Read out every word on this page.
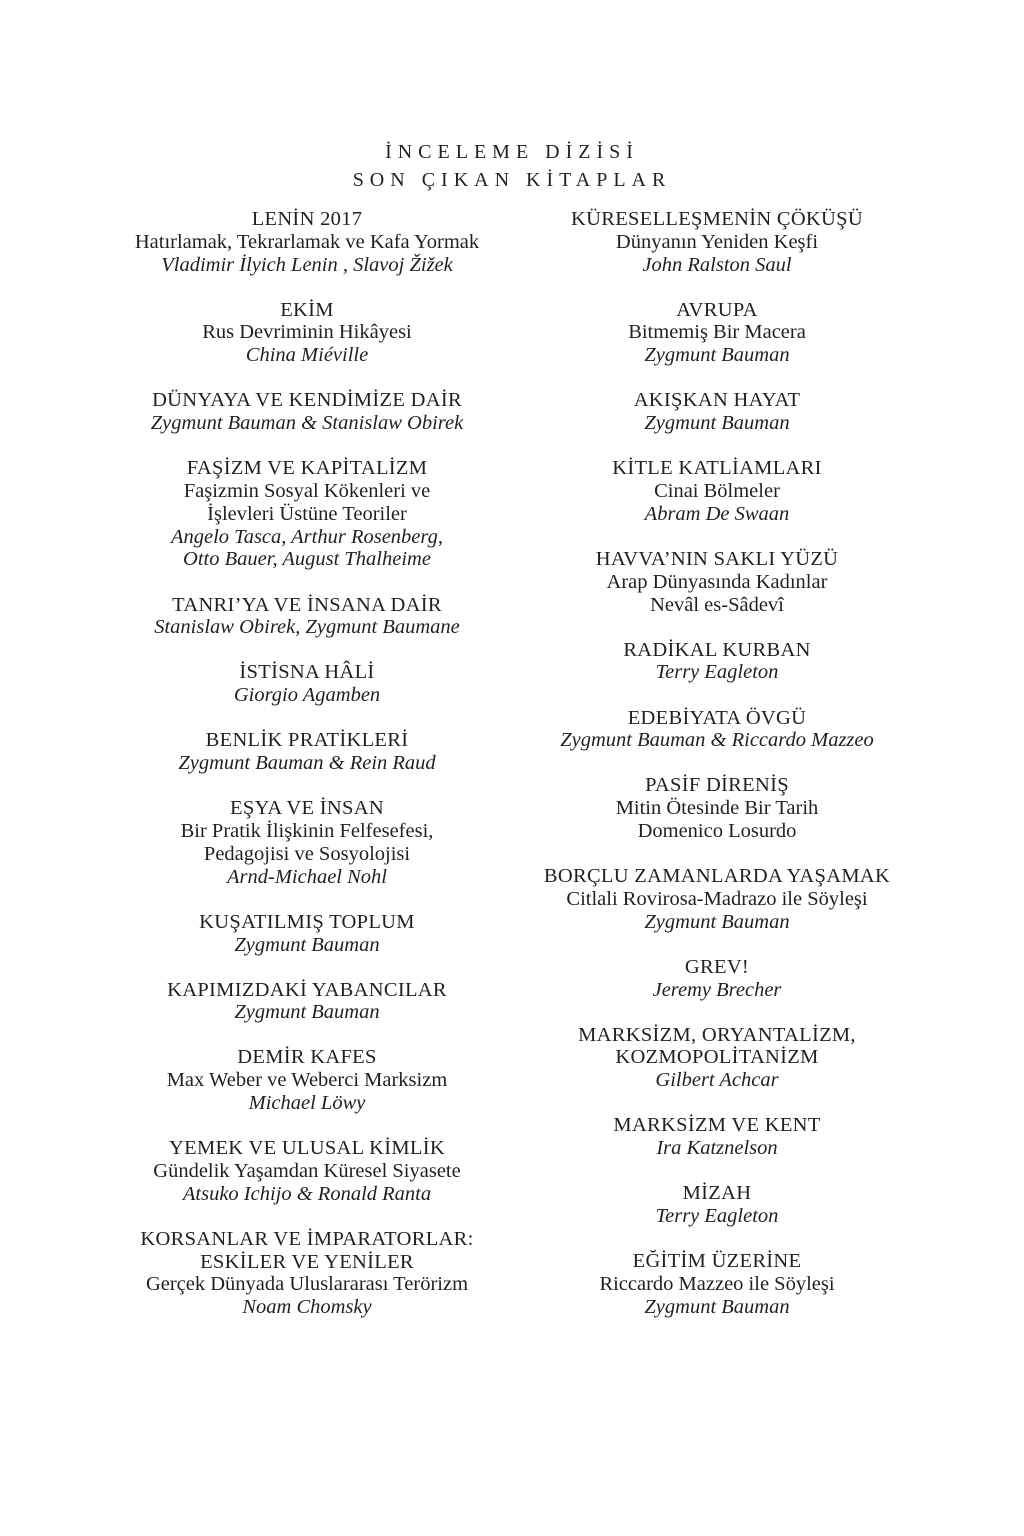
İNCELEME DİZİSİ
SON ÇIKAN KİTAPLAR
LENİN 2017
Hatırlamak, Tekrarlamak ve Kafa Yormak
Vladimir İlyich Lenin , Slavoj Žižek
EKİM
Rus Devriminin Hikâyesi
China Miéville
DÜNYAYA VE KENDİMİZE DAİR
Zygmunt Bauman & Stanislaw Obirek
FAŞİZM VE KAPİTALİZM
Faşizmin Sosyal Kökenleri ve
İşlevleri Üstüne Teoriler
Angelo Tasca, Arthur Rosenberg,
Otto Bauer, August Thalheime
TANRI’YA VE İNSANA DAİR
Stanislaw Obirek, Zygmunt Baumane
İSTİSNA HÂLİ
Giorgio Agamben
BENLİK PRATİKLERİ
Zygmunt Bauman & Rein Raud
EŞYA VE İNSAN
Bir Pratik İlişkinin Felfesefesi,
Pedagojisi ve Sosyolojisi
Arnd-Michael Nohl
KUŞATILMIŞ TOPLUM
Zygmunt Bauman
KAPIMIZDAKİ YABANCILAR
Zygmunt Bauman
DEMİR KAFES
Max Weber ve Weberci Marksizm
Michael Löwy
YEMEK VE ULUSAL KİMLİK
Gündelik Yaşamdan Küresel Siyasete
Atsuko Ichijo & Ronald Ranta
KORSANLAR VE İMPARATORLAR:
ESKİLER VE YENİLER
Gerçek Dünyada Uluslararası Terörizm
Noam Chomsky
KÜRESELLEŞMENİN ÇÖKÜŞÜ
Dünyanın Yeniden Keşfi
John Ralston Saul
AVRUPA
Bitmemiş Bir Macera
Zygmunt Bauman
AKIŞKAN HAYAT
Zygmunt Bauman
KİTLE KATLİAMLARI
Cinai Bölmeler
Abram De Swaan
HAVVA’NIN SAKLI YÜZÜ
Arap Dünyasında Kadınlar
Nevâl es-Sâdevî
RADİKAL KURBAN
Terry Eagleton
EDEBİYATA ÖVGÜ
Zygmunt Bauman & Riccardo Mazzeo
PASİF DİRENİŞ
Mitin Ötesinde Bir Tarih
Domenico Losurdo
BORÇLU ZAMANLARDA YAŞAMAK
Citlali Rovirosa-Madrazo ile Söyleşi
Zygmunt Bauman
GREV!
Jeremy Brecher
MARKSİZM, ORYANTALİZM,
KOZMOPOLİTANİZM
Gilbert Achcar
MARKSİZM VE KENT
Ira Katznelson
MİZAH
Terry Eagleton
EĞİTİM ÜZERİNE
Riccardo Mazzeo ile Söyleşi
Zygmunt Bauman
